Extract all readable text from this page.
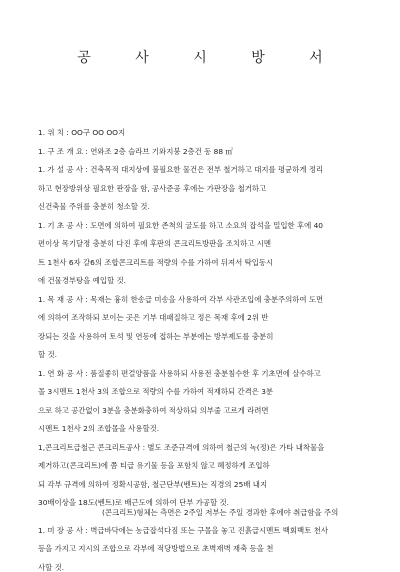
공 사 시 방 서
1. 위 치 : OO구 OO OO지
1. 구 조 개 요 : 연와조 2층 슬라브 기와지붕 2층건 동 88 ㎡
1. 가 설 공 사 : 건축목적 대지상에 불필요한 물건은 전부 철거하고 대지를 평균하게 정리
하고 현장방위상 필요한 판장을 함, 공사준공 후에는 가판장을 철거하고
신건축물 주위를 충분히 청소할 것.
1. 기 초 공 사 : 도면에 의하여 필요한 존척의 굴도를 하고 소요의 잡석을 밀입한 후에 40
편이상 목기달졍 충분히 다진 후에 후판의 콘크리트방판을 조치하고 시멘
트 1천사 6자 갈6의 조합콘크리트를 적량의 수를 가하여 뒤져서 탁입동시
에 건물경부탕을 예입할 것.
1. 목 재 공 사 : 목재는 흉히 한송급 미송을 사용하여 각부 사관조입에 충분주의하여 도면
에 의하여 조작하되 보이는 곳은 기부 대패질하고 정은 목재 후에 2위 반
장되는 것을 사용하여 토석 및 연동에 접하는 부분에는 방부제도를 충분히
할 것.
1. 연 화 공 사 : 품질좋히 편걸양품을 사용하되 사용전 충분침수한 후 기초면에 살수하고
몰 3시멘트 1천사 3의 조합으로 적량의 수를 가하여 적재하되 간격은 3분
으로 하고 공간없이 3분을 충분화충하여 적상하되 의부줄 고르게 라려면
시멘트 1천사 2의 조합몰을 사용할것.
1,콘크리트급철근 콘크리트공사 : 별도 조준규격에 의하여 철근의 녹(정)은 가타 내착물을
제거하고(콘크리트)에 쯤 티급 유기물 등을 포함치 않고 혜정하게 조입하
되 각부 규격에 의하여 정확시공함, 철근단부(벤트)는 직경의 25배 내지
30배이상을 18도(벤트)로 배근도에 의하여 단부 가공할 것.
1. 미 장 공 사 : 벽급바닥에는 농급잡석다짐 또는 구몰을 놓고 진흙급시멘트 백회백토 천사
등을 가지고 지시의 조합으로 각부에 적당방법으로 초벽재벽 재축 등을 천
사할 것.
(콘크리트)형체는 측면은 2주일 저부는 주일 경과한 후에야 취급함을 주의
